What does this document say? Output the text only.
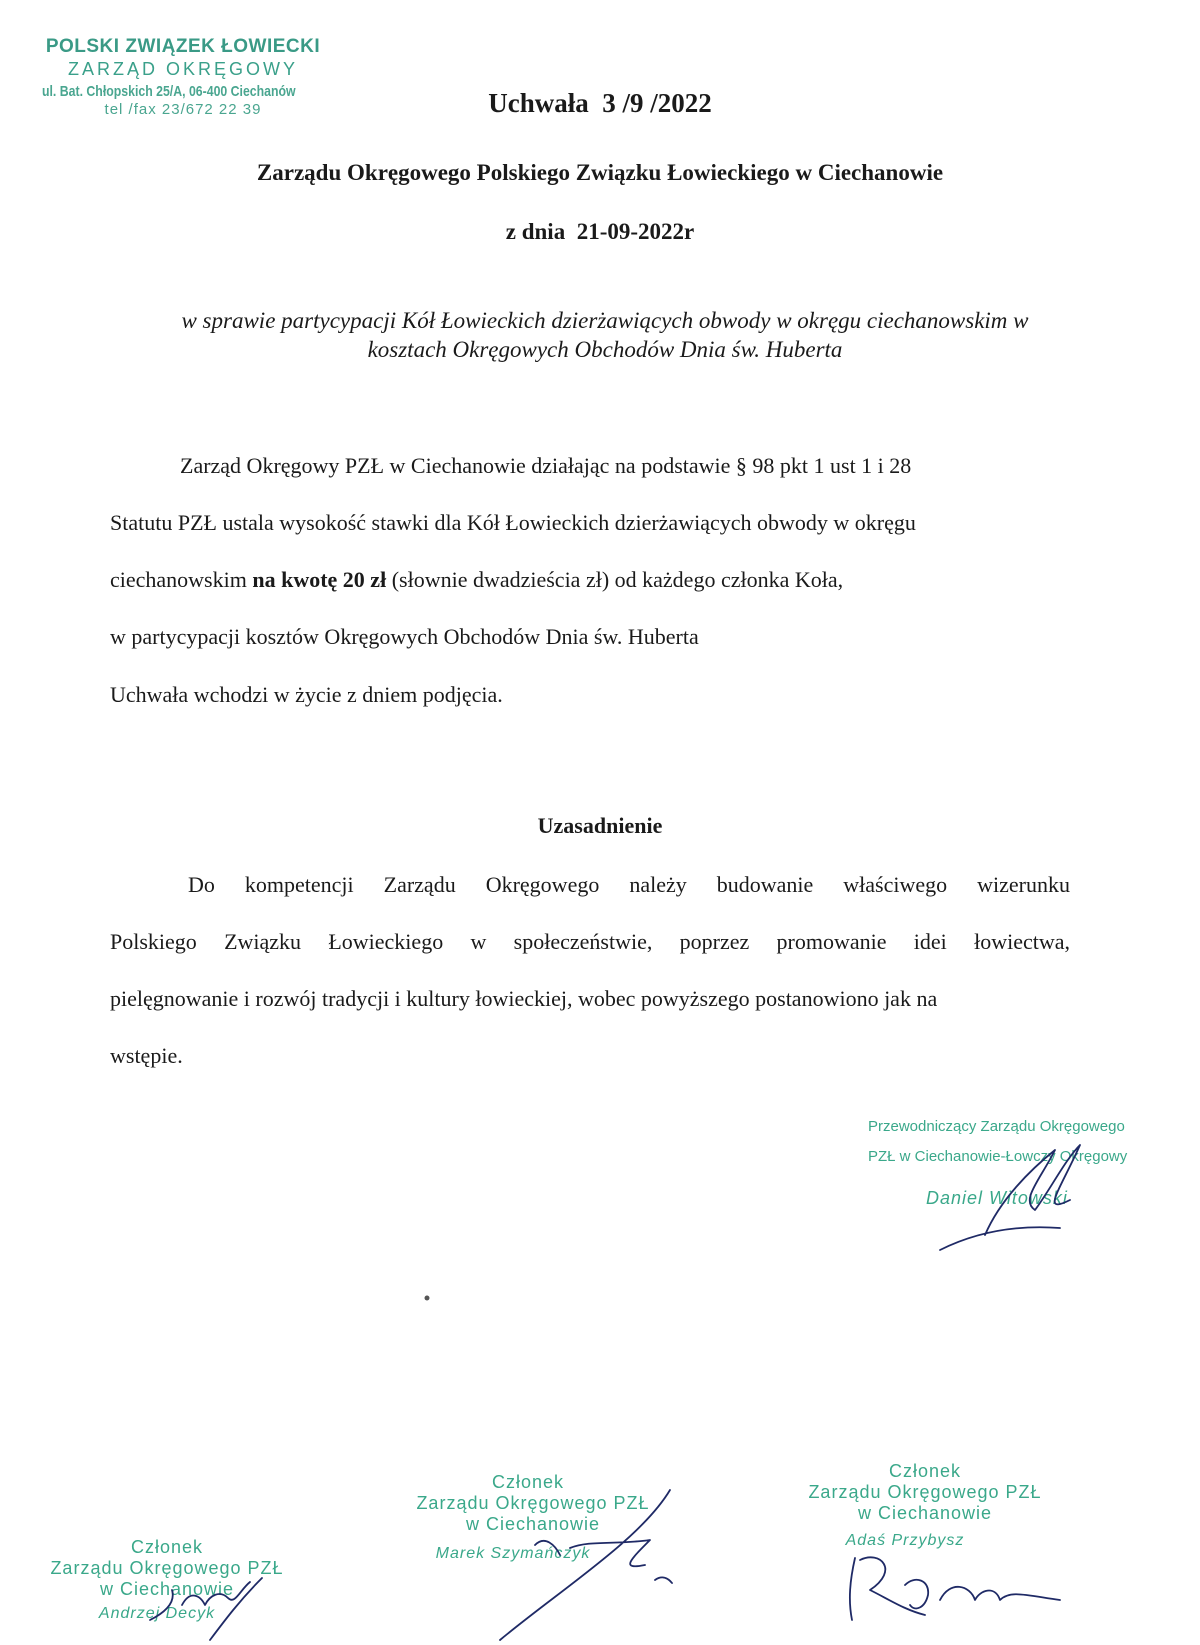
POLSKI ZWIĄZEK ŁOWIECKI
ZARZĄD OKRĘGOWY
ul. Bat. Chłopskich 25/A, 06-400 Ciechanów
tel /fax 23/672 22 39	Uchwała  3 /9 /2022
Zarządu Okręgowego Polskiego Związku Łowieckiego w Ciechanowie
z dnia  21-09-2022r
w sprawie partycypacji Kół Łowieckich dzierżawiących obwody w okręgu ciechanowskim w
kosztach Okręgowych Obchodów Dnia św. Huberta
Zarząd Okręgowy PZŁ w Ciechanowie działając na podstawie § 98 pkt 1 ust 1 i 28
Statutu PZŁ ustala wysokość stawki dla Kół Łowieckich dzierżawiących obwody w okręgu
ciechanowskim na kwotę 20 zł (słownie dwadzieścia zł) od każdego członka Koła,
w partycypacji kosztów Okręgowych Obchodów Dnia św. Huberta
Uchwała wchodzi w życie z dniem podjęcia.
Uzasadnienie
Do kompetencji Zarządu Okręgowego należy budowanie właściwego wizerunku
Polskiego Związku Łowieckiego w społeczeństwie, poprzez promowanie idei łowiectwa,
pielęgnowanie i rozwój tradycji i kultury łowieckiej, wobec powyższego postanowiono jak na
wstępie.
Przewodniczący Zarządu Okręgowego
PZŁ w Ciechanowie-Łowczy Okręgowy
Daniel Witowski
Członek
Zarządu Okręgowego PZŁ
w Ciechanowie
Andrzej Decyk
Członek
Zarządu Okręgowego PZŁ
w Ciechanowie
Marek Szymańczyk
Członek
Zarządu Okręgowego PZŁ
w Ciechanowie
Adaś Przybysz
